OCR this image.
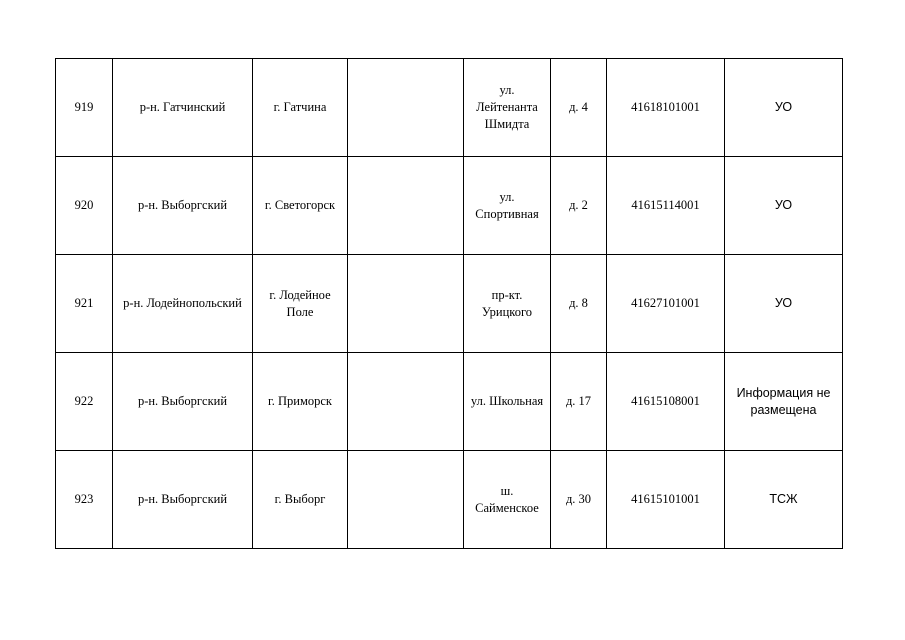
919	р-н. Гатчинский	г. Гатчина		ул.
Лейтенанта
Шмидта	д. 4	41618101001	УО
920	р-н. Выборгский	г. Светогорск		ул.
Спортивная	д. 2	41615114001	УО
921	р-н. Лодейнопольский	г. Лодейное Поле		пр-кт.
Урицкого	д. 8	41627101001	УО
922	р-н. Выборгский	г. Приморск		ул. Школьная	д. 17	41615108001	Информация не
размещена
923	р-н. Выборгский	г. Выборг		ш.
Сайменское	д. 30	41615101001	ТСЖ
